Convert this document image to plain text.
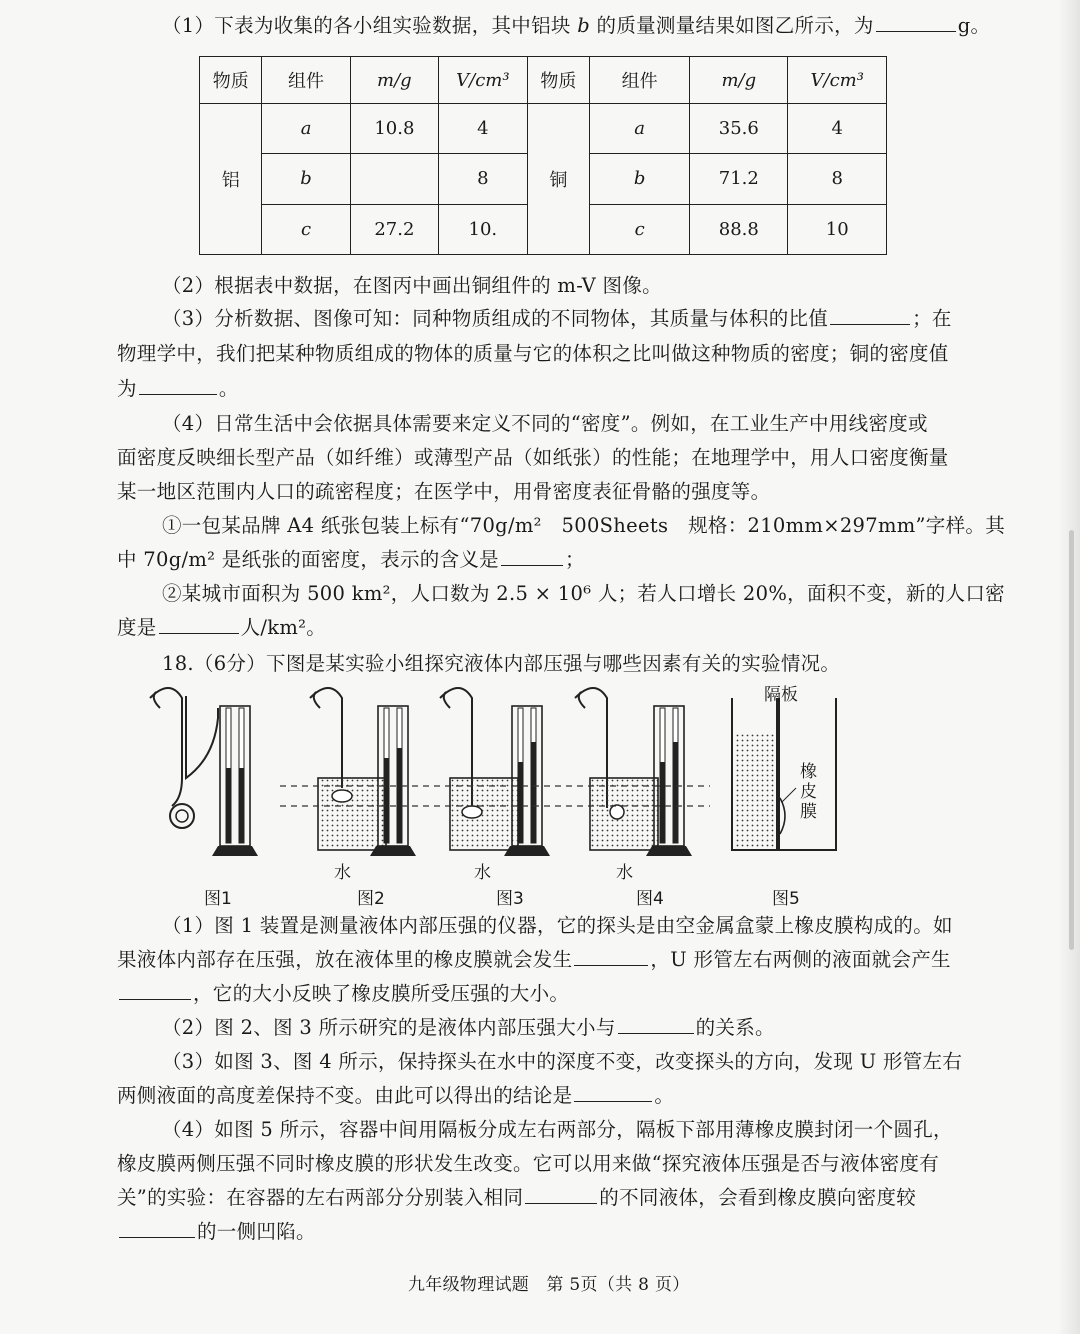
（1）下表为收集的各小组实验数据，其中铝块 b 的质量测量结果如图乙所示，为	g。
物质	组件	m/g	V/cm³	物质	组件	m/g	V/cm³
铝	a	10.8	4	铜	a	35.6	4
	b		8		b	71.2	8
	c	27.2	10.		c	88.8	10
（2）根据表中数据，在图丙中画出铜组件的 m-V 图像。
（3）分析数据、图像可知：同种物质组成的不同物体，其质量与体积的比值	；在
物理学中，我们把某种物质组成的物体的质量与它的体积之比叫做这种物质的密度；铜的密度值
为	。
（4）日常生活中会依据具体需要来定义不同的“密度”。例如，在工业生产中用线密度或
面密度反映细长型产品（如纤维）或薄型产品（如纸张）的性能；在地理学中，用人口密度衡量
某一地区范围内人口的疏密程度；在医学中，用骨密度表征骨骼的强度等。
①一包某品牌 A4 纸张包装上标有“70g/m²　500Sheets　规格：210mm×297mm”字样。其
中 70g/m² 是纸张的面密度，表示的含义是	；
②某城市面积为 500 km²，人口数为 2.5 × 10⁶ 人；若人口增长 20%，面积不变，新的人口密
度是	人/km²。
18.（6分）下图是某实验小组探究液体内部压强与哪些因素有关的实验情况。
隔板
橡
皮
膜
水	水	水
图1	图2	图3	图4	图5
（1）图 1 装置是测量液体内部压强的仪器，它的探头是由空金属盒蒙上橡皮膜构成的。如
果液体内部存在压强，放在液体里的橡皮膜就会发生	，U 形管左右两侧的液面就会产生
，它的大小反映了橡皮膜所受压强的大小。
（2）图 2、图 3 所示研究的是液体内部压强大小与	的关系。
（3）如图 3、图 4 所示，保持探头在水中的深度不变，改变探头的方向，发现 U 形管左右
两侧液面的高度差保持不变。由此可以得出的结论是	。
（4）如图 5 所示，容器中间用隔板分成左右两部分，隔板下部用薄橡皮膜封闭一个圆孔，
橡皮膜两侧压强不同时橡皮膜的形状发生改变。它可以用来做“探究液体压强是否与液体密度有
关”的实验：在容器的左右两部分分别装入相同	的不同液体，会看到橡皮膜向密度较
的一侧凹陷。
九年级物理试题　第 5页（共 8 页）
